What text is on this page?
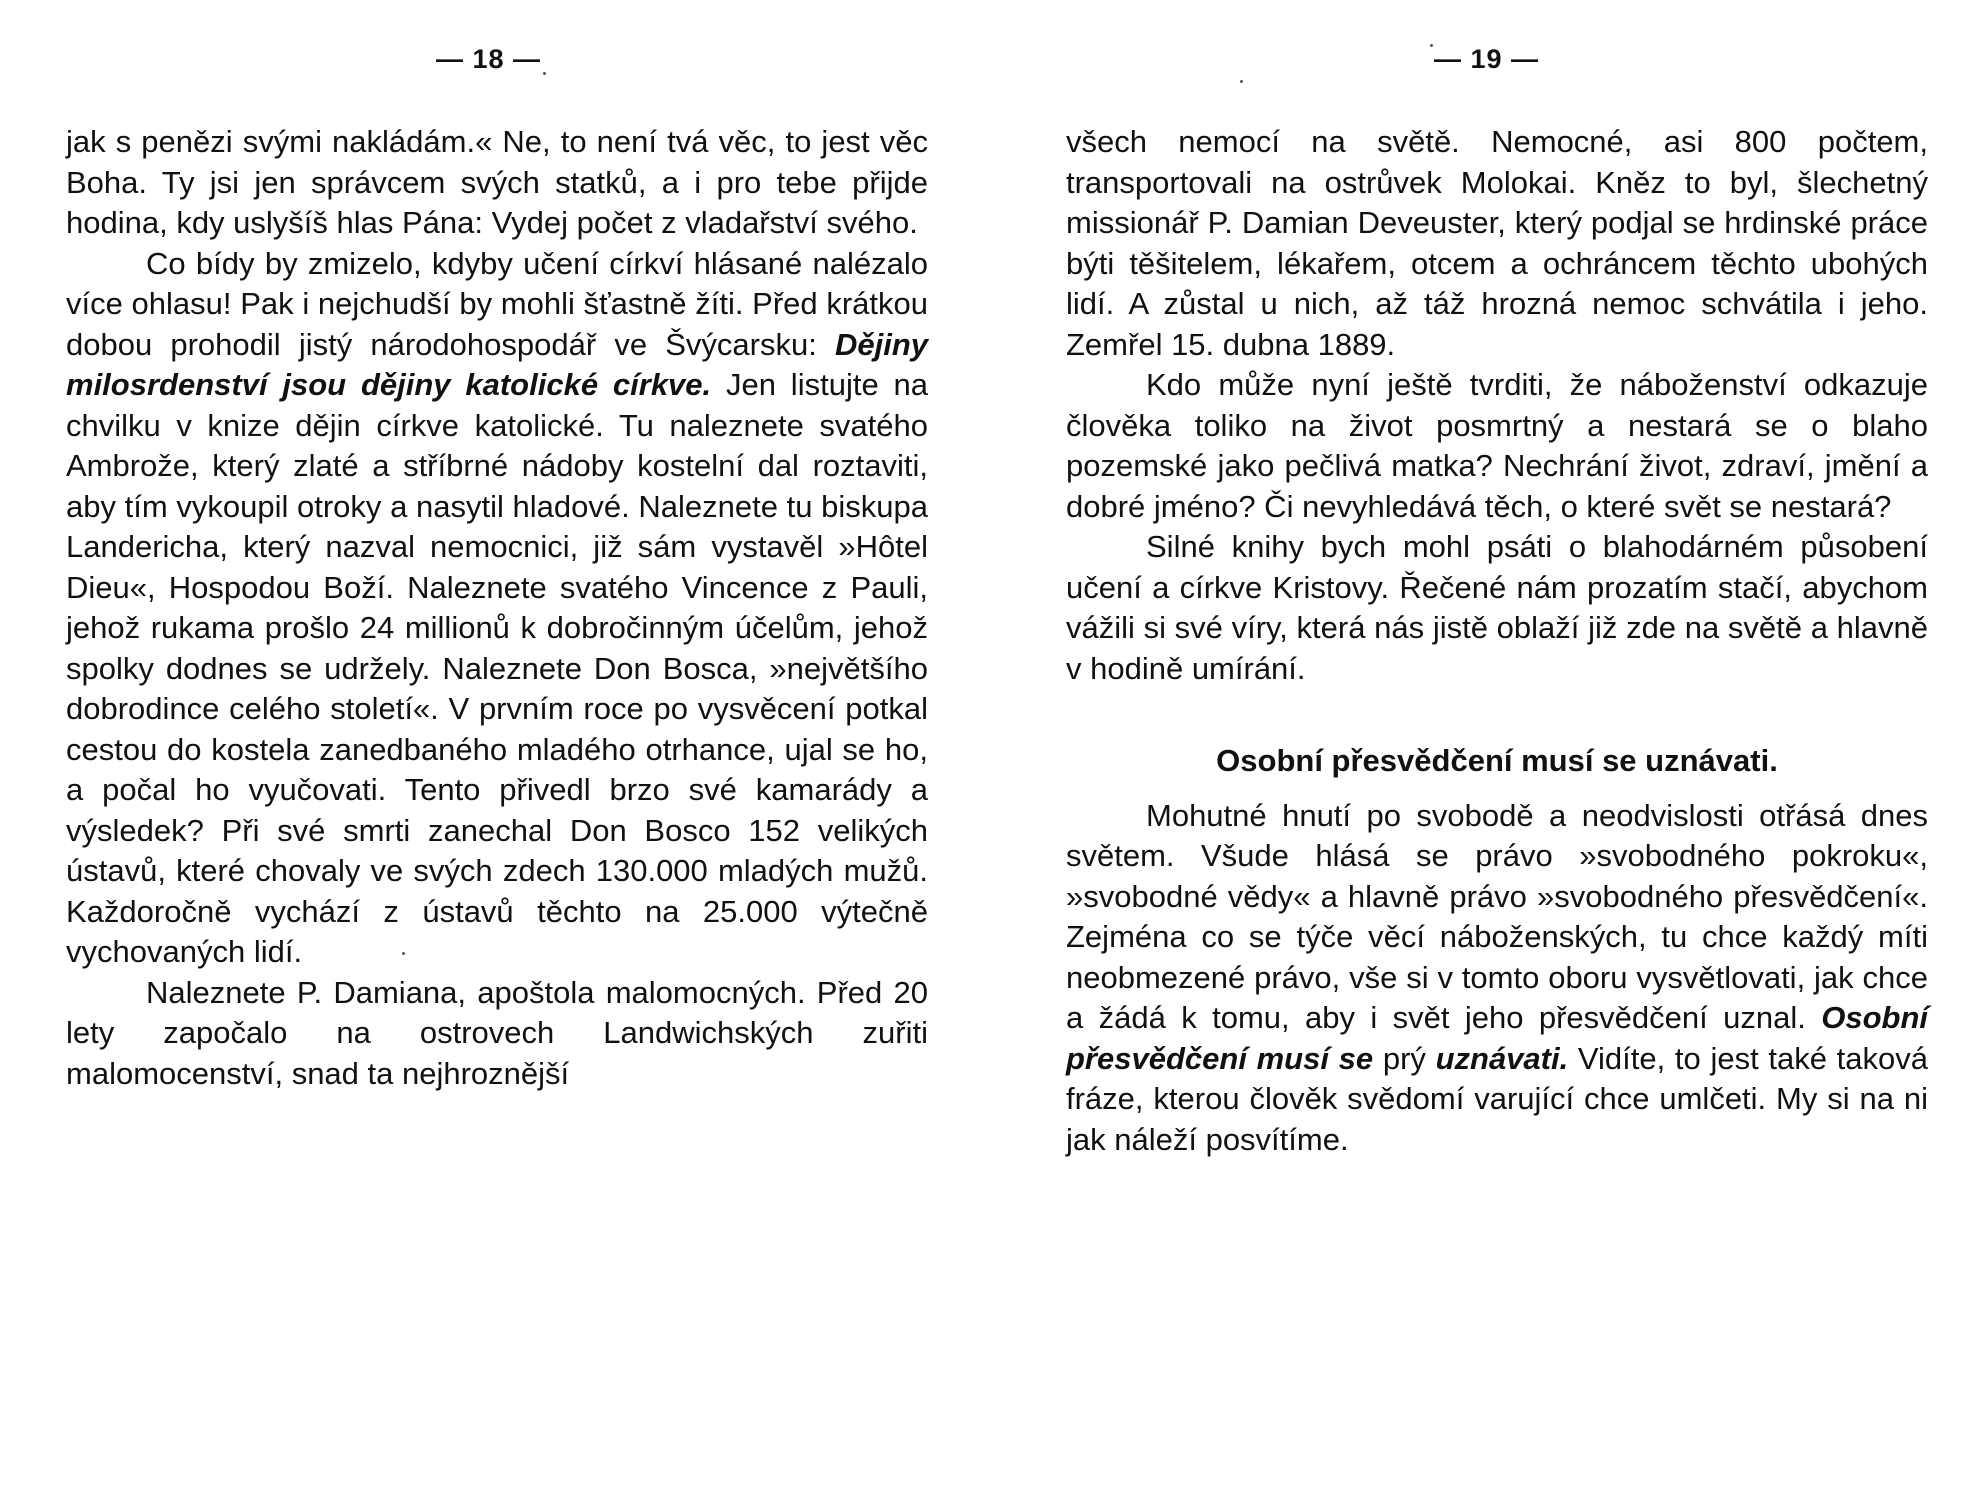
— 18 —

jak s penězi svými nakládám.« Ne, to není tvá věc, to jest věc Boha. Ty jsi jen správcem svých statků, a i pro tebe přijde hodina, kdy uslyšíš hlas Pána: Vydej počet z vladařství svého.

Co bídy by zmizelo, kdyby učení církví hlásané nalézalo více ohlasu! Pak i nejchudší by mohli šťastně žíti. Před krátkou dobou prohodil jistý národohospodář ve Švýcarsku: Dějiny milosrdenství jsou dějiny katolické církve. Jen listujte na chvilku v knize dějin církve katolické. Tu naleznete svatého Ambrože, který zlaté a stříbrné nádoby kostelní dal roztaviti, aby tím vykoupil otroky a nasytil hladové. Naleznete tu biskupa Landericha, který nazval nemocnici, již sám vystavěl »Hôtel Dieu«, Hospodou Boží. Naleznete svatého Vincence z Pauli, jehož rukama prošlo 24 millionů k dobročinným účelům, jehož spolky dodnes se udržely. Naleznete Don Bosca, »největšího dobrodince celého století«. V prvním roce po vysvěcení potkal cestou do kostela zanedbaného mladého otrhance, ujal se ho, a počal ho vyučovati. Tento přivedl brzo své kamarády a výsledek? Při své smrti zanechal Don Bosco 152 velikých ústavů, které chovaly ve svých zdech 130.000 mladých mužů. Každoročně vychází z ústavů těchto na 25.000 výtečně vychovaných lidí.

Naleznete P. Damiana, apoštola malomocných. Před 20 lety započalo na ostrovech Landwichských zuřiti malomocenství, snad ta nejhroznější

— 19 —

všech nemocí na světě. Nemocné, asi 800 počtem, transportovali na ostrůvek Molokai. Kněz to byl, šlechetný missionář P. Damian Deveuster, který podjal se hrdinské práce býti těšitelem, lékařem, otcem a ochráncem těchto ubohých lidí. A zůstal u nich, až táž hrozná nemoc schvátila i jeho. Zemřel 15. dubna 1889.

Kdo může nyní ještě tvrditi, že náboženství odkazuje člověka toliko na život posmrtný a nestará se o blaho pozemské jako pečlivá matka? Nechrání život, zdraví, jmění a dobré jméno? Či nevyhledává těch, o které svět se nestará?

Silné knihy bych mohl psáti o blahodárném působení učení a církve Kristovy. Řečené nám prozatím stačí, abychom vážili si své víry, která nás jistě oblaží již zde na světě a hlavně v hodině umírání.

Osobní přesvědčení musí se uznávati.

Mohutné hnutí po svobodě a neodvislosti otřásá dnes světem. Všude hlásá se právo »svobodného pokroku«, »svobodné vědy« a hlavně právo »svobodného přesvědčení«. Zejména co se týče věcí náboženských, tu chce každý míti neobmezené právo, vše si v tomto oboru vysvětlovati, jak chce a žádá k tomu, aby i svět jeho přesvědčení uznal. Osobní přesvědčení musí se prý uznávati. Vidíte, to jest také taková fráze, kterou člověk svědomí varující chce umlčeti. My si na ni jak náleží posvítíme.
